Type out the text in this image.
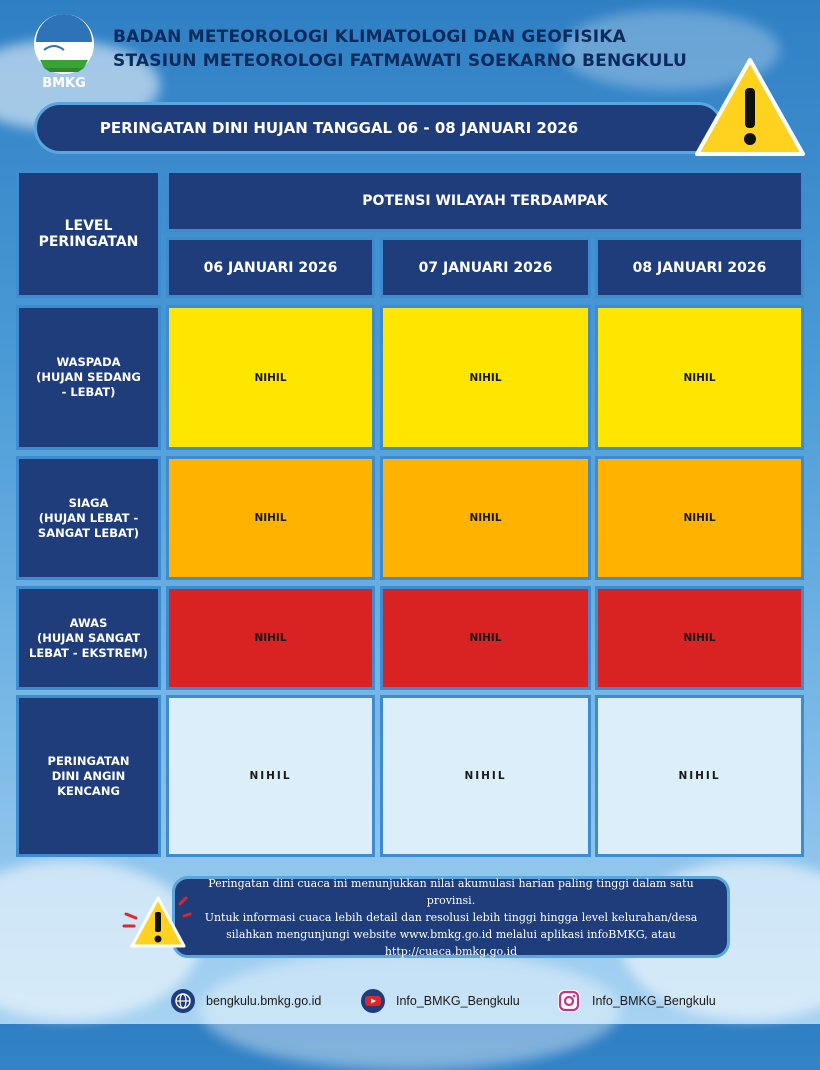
BMKG
BADAN METEOROLOGI KLIMATOLOGI DAN GEOFISIKA
STASIUN METEOROLOGI FATMAWATI SOEKARNO BENGKULU
PERINGATAN DINI HUJAN TANGGAL 06 - 08 JANUARI 2026
LEVEL
PERINGATAN
POTENSI WILAYAH TERDAMPAK
06 JANUARI 2026	07 JANUARI 2026	08 JANUARI 2026
WASPADA
(HUJAN SEDANG
- LEBAT)
NIHIL	NIHIL	NIHIL
SIAGA
(HUJAN LEBAT -
SANGAT LEBAT)
NIHIL	NIHIL	NIHIL
AWAS
(HUJAN SANGAT
LEBAT - EKSTREM)
NIHIL	NIHIL	NIHIL
PERINGATAN
DINI ANGIN
KENCANG
NIHIL	NIHIL	NIHIL
Peringatan dini cuaca ini menunjukkan nilai akumulasi harian paling tinggi dalam satu provinsi.
Untuk informasi cuaca lebih detail dan resolusi lebih tinggi hingga level kelurahan/desa
silahkan mengunjungi website www.bmkg.go.id melalui aplikasi infoBMKG, atau
http://cuaca.bmkg.go.id
bengkulu.bmkg.go.id	Info_BMKG_Bengkulu	Info_BMKG_Bengkulu
